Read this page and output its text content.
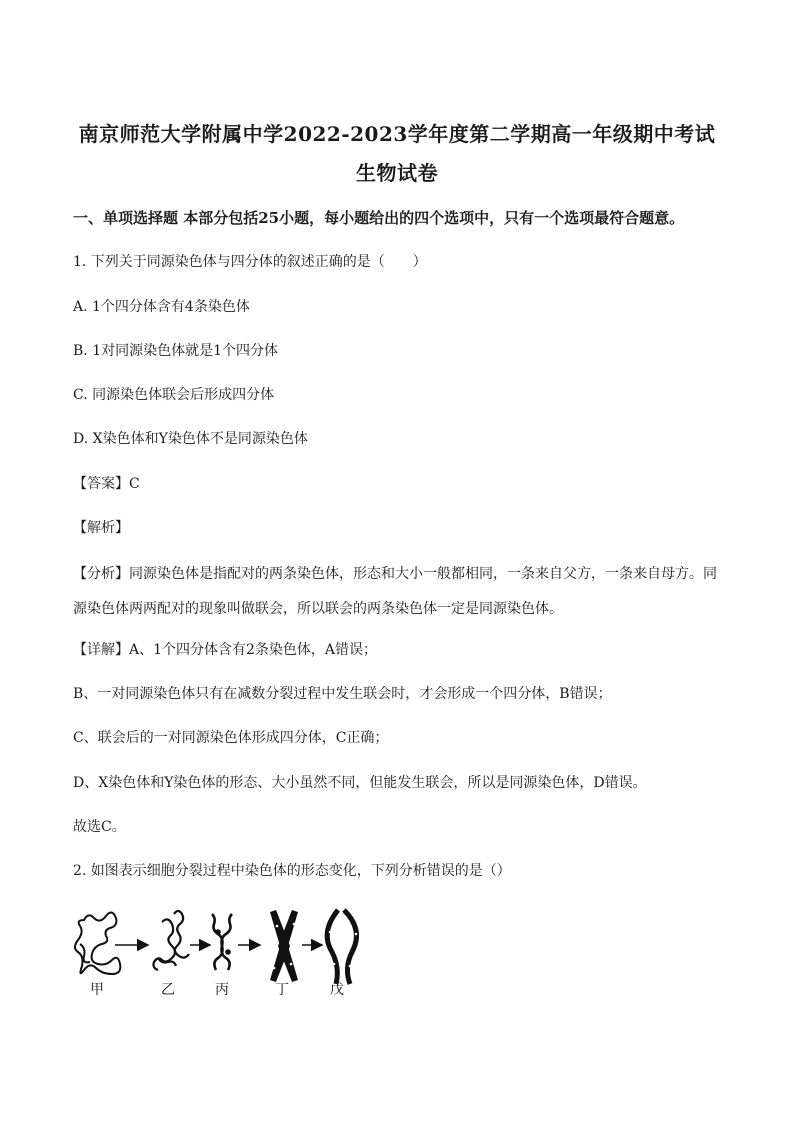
南京师范大学附属中学2022-2023学年度第二学期高一年级期中考试
生物试卷
一、单项选择题 本部分包括25小题，每小题给出的四个选项中，只有一个选项最符合题意。
1. 下列关于同源染色体与四分体的叙述正确的是（　　）
A. 1个四分体含有4条染色体
B. 1对同源染色体就是1个四分体
C. 同源染色体联会后形成四分体
D. X染色体和Y染色体不是同源染色体
【答案】C
【解析】
【分析】同源染色体是指配对的两条染色体，形态和大小一般都相同，一条来自父方，一条来自母方。同源染色体两两配对的现象叫做联会，所以联会的两条染色体一定是同源染色体。
【详解】A、1个四分体含有2条染色体，A错误；
B、一对同源染色体只有在减数分裂过程中发生联会时，才会形成一个四分体，B错误；
C、联会后的一对同源染色体形成四分体，C正确；
D、X染色体和Y染色体的形态、大小虽然不同，但能发生联会，所以是同源染色体，D错误。
故选C。
2. 如图表示细胞分裂过程中染色体的形态变化，下列分析错误的是（）
甲	乙	丙	丁	戊
